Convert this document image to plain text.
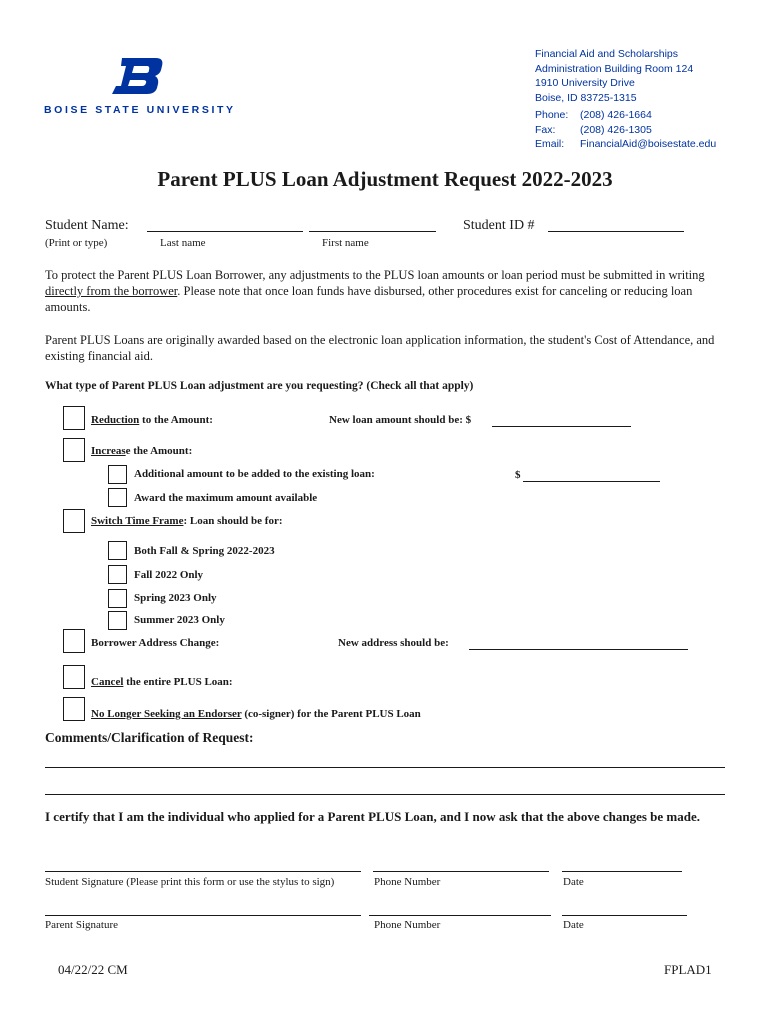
BOISE STATE UNIVERSITY
Financial Aid and Scholarships
Administration Building Room 124
1910 University Drive
Boise, ID 83725-1315
Phone: (208) 426-1664
Fax: (208) 426-1305
Email: FinancialAid@boisestate.edu
Parent PLUS Loan Adjustment Request 2022-2023
Student Name:	Student ID #
(Print or type)	Last name	First name
To protect the Parent PLUS Loan Borrower, any adjustments to the PLUS loan amounts or loan period must be submitted in writing directly from the borrower. Please note that once loan funds have disbursed, other procedures exist for canceling or reducing loan amounts.
Parent PLUS Loans are originally awarded based on the electronic loan application information, the student's Cost of Attendance, and existing financial aid.
What type of Parent PLUS Loan adjustment are you requesting? (Check all that apply)
Reduction to the Amount:	New loan amount should be: $
Increase the Amount:
Additional amount to be added to the existing loan:	$
Award the maximum amount available
Switch Time Frame: Loan should be for:
Both Fall & Spring 2022-2023
Fall 2022 Only
Spring 2023 Only
Summer 2023 Only
Borrower Address Change:	New address should be:
Cancel the entire PLUS Loan:
No Longer Seeking an Endorser (co-signer) for the Parent PLUS Loan
Comments/Clarification of Request:
I certify that I am the individual who applied for a Parent PLUS Loan, and I now ask that the above changes be made.
Student Signature (Please print this form or use the stylus to sign)	Phone Number	Date
Parent Signature	Phone Number	Date
04/22/22 CM	FPLAD1
